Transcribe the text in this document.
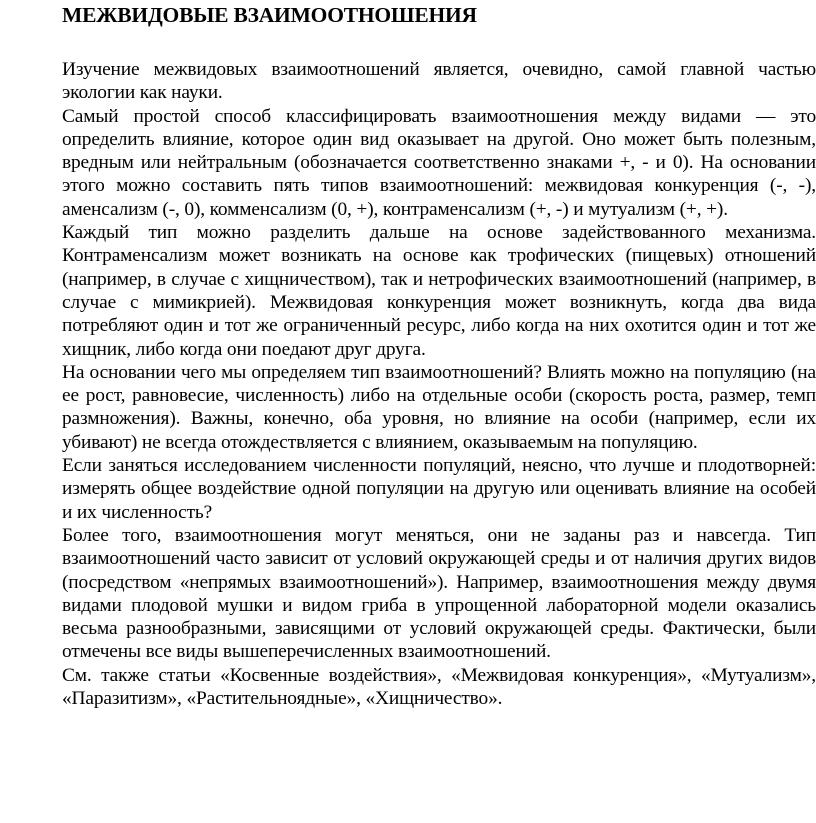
МЕЖВИДОВЫЕ ВЗАИМООТНОШЕНИЯ

Изучение межвидовых взаимоотношений является, очевидно, самой главной частью экологии как науки.

Самый простой способ классифицировать взаимоотношения между видами — это определить влияние, которое один вид оказывает на другой. Оно может быть полезным, вредным или нейтральным (обозначается соответственно знаками +, - и 0). На основании этого можно составить пять типов взаимоотношений: межвидовая конкуренция (-, -), аменсализм (-, 0), комменсализм (0, +), контраменсализм (+, -) и мутуализм (+, +).

Каждый тип можно разделить дальше на основе задействованного механизма. Контраменсализм может возникать на основе как трофических (пищевых) отношений (например, в случае с хищничеством), так и нетрофических взаимоотношений (например, в случае с мимикрией). Межвидовая конкуренция может возникнуть, когда два вида потребляют один и тот же ограниченный ресурс, либо когда на них охотится один и тот же хищник, либо когда они поедают друг друга.

На основании чего мы определяем тип взаимоотношений? Влиять можно на популяцию (на ее рост, равновесие, численность) либо на отдельные особи (скорость роста, размер, темп размножения). Важны, конечно, оба уровня, но влияние на особи (например, если их убивают) не всегда отождествляется с влиянием, оказываемым на популяцию.

Если заняться исследованием численности популяций, неясно, что лучше и плодотворней: измерять общее воздействие одной популяции на другую или оценивать влияние на особей и их численность?

Более того, взаимоотношения могут меняться, они не заданы раз и навсегда. Тип взаимоотношений часто зависит от условий окружающей среды и от наличия других видов (посредством «непрямых взаимоотношений»). Например, взаимоотношения между двумя видами плодовой мушки и видом гриба в упрощенной лабораторной модели оказались весьма разнообразными, зависящими от условий окружающей среды. Фактически, были отмечены все виды вышеперечисленных взаимоотношений.

См. также статьи «Косвенные воздействия», «Межвидовая конкуренция», «Мутуализм», «Паразитизм», «Растительноядные», «Хищничество».
